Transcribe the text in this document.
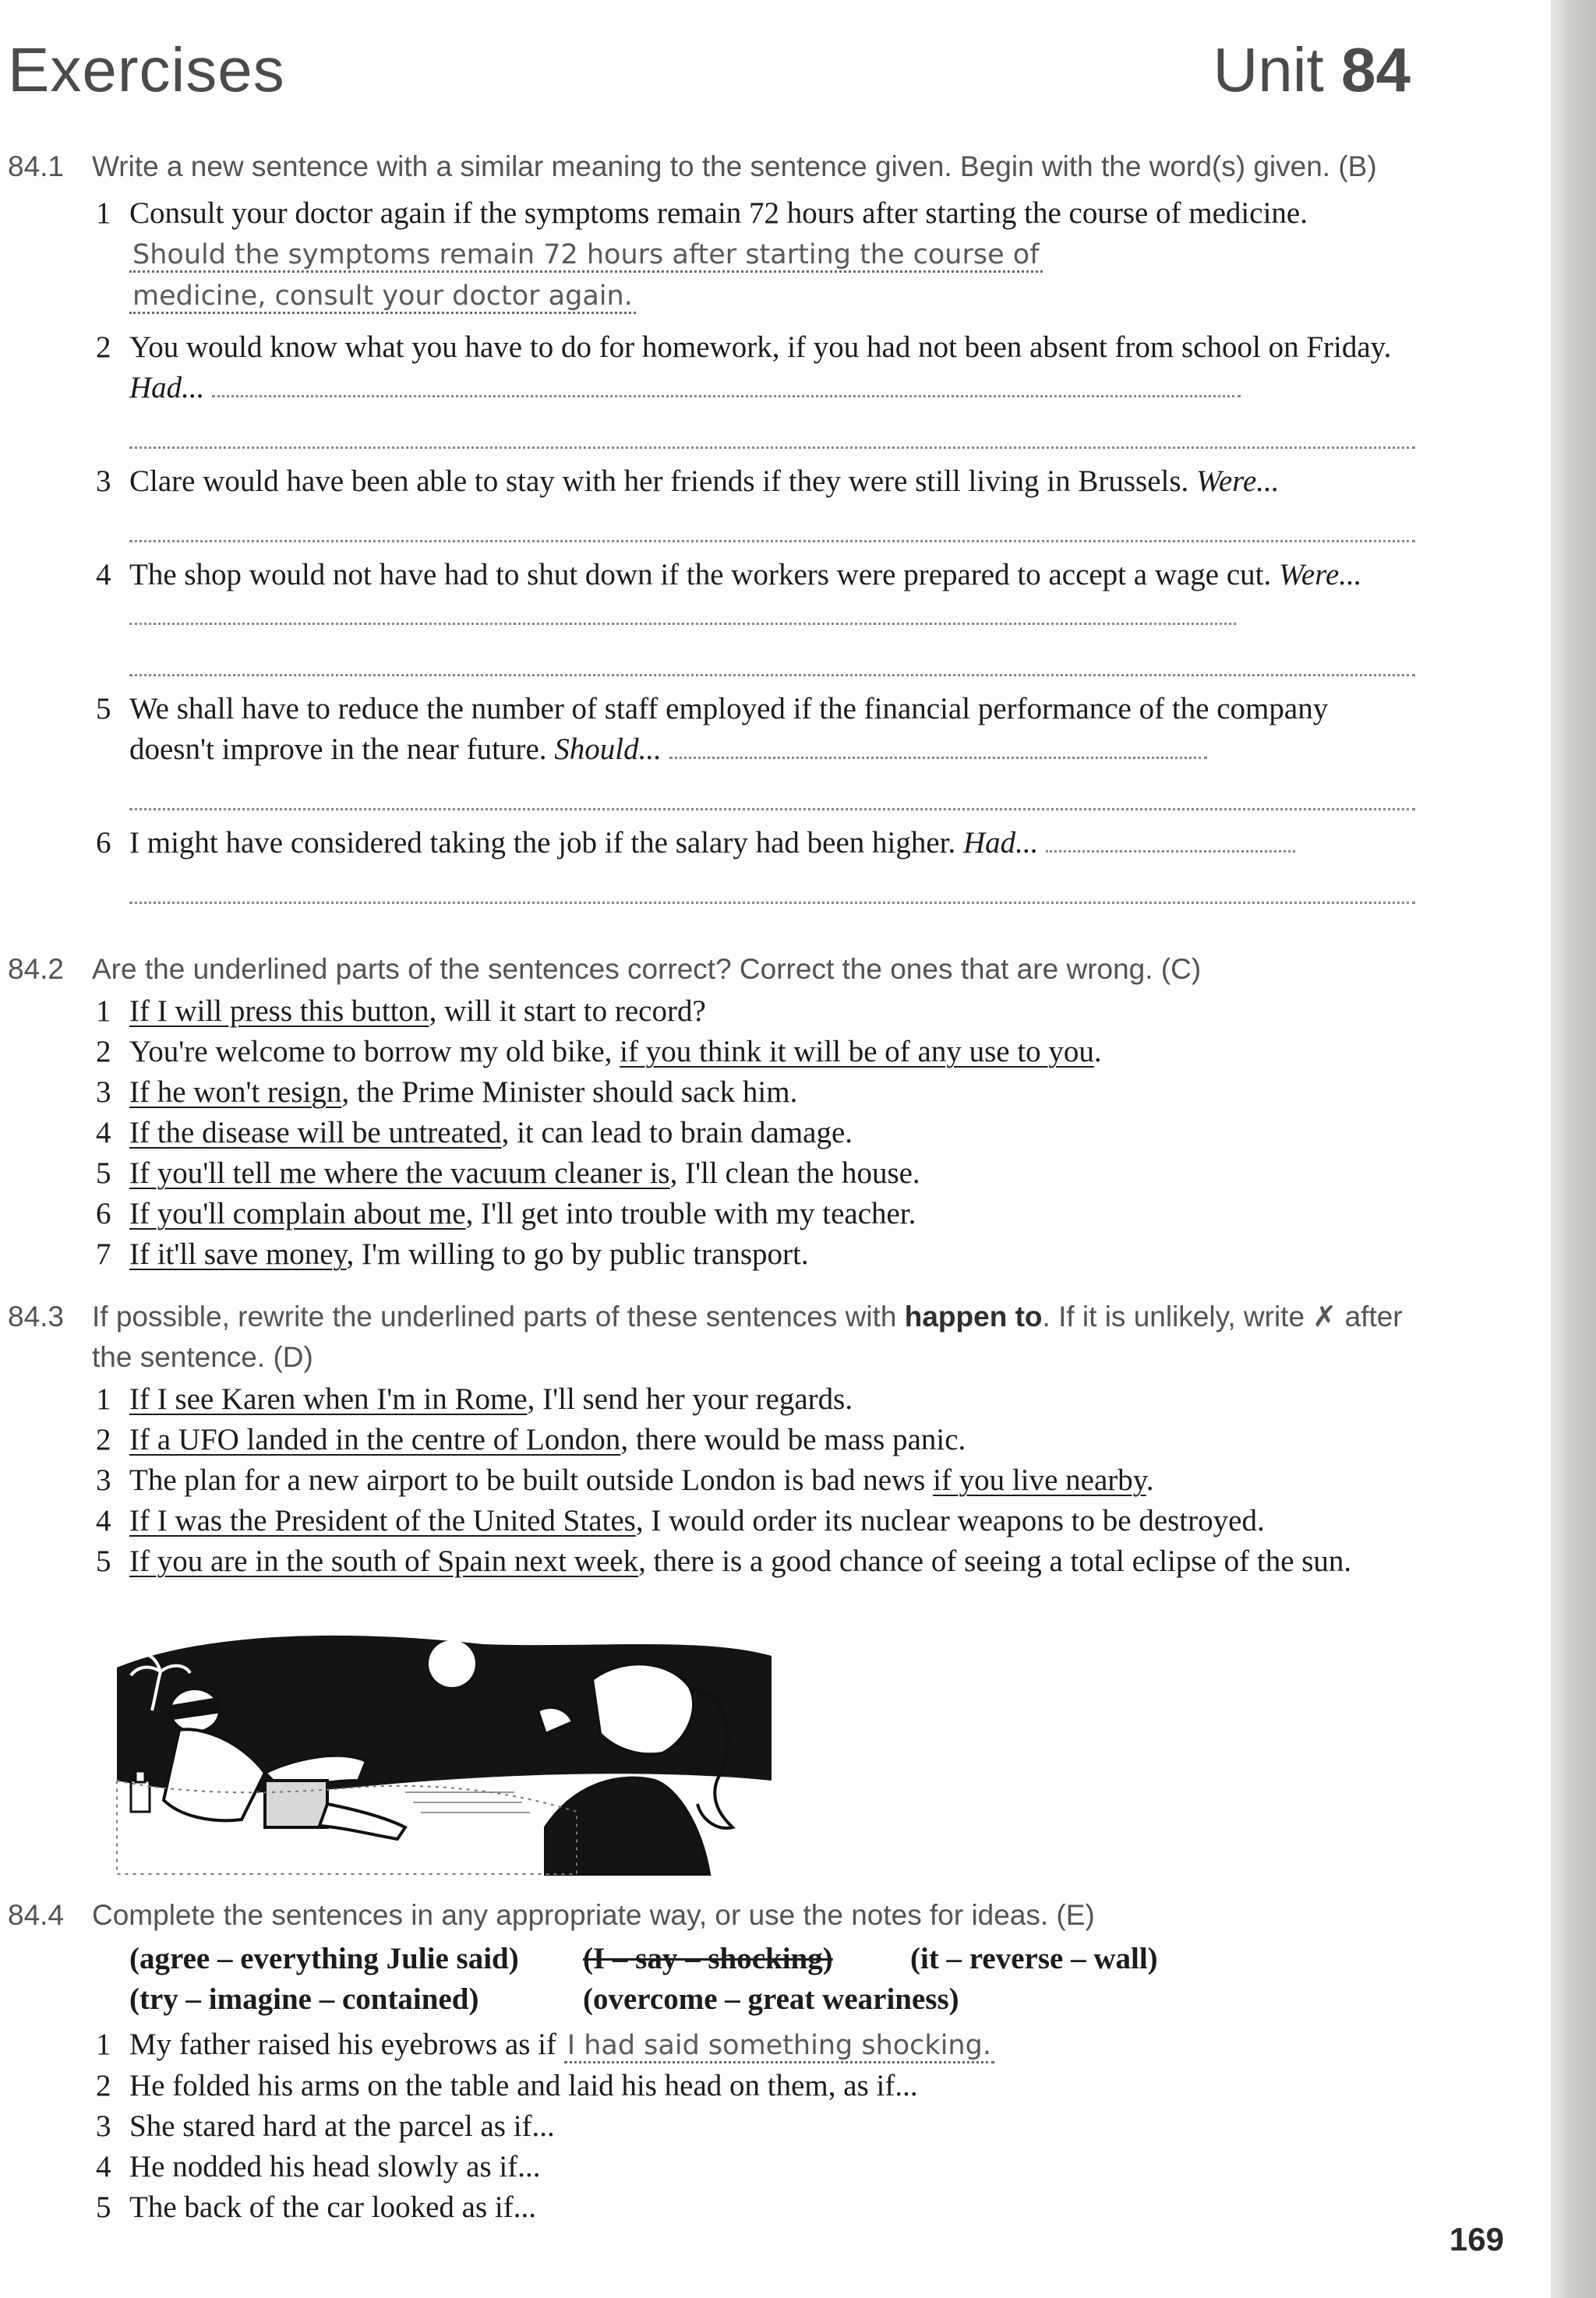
Exercises	Unit 84
84.1 Write a new sentence with a similar meaning to the sentence given. Begin with the word(s) given. (B)
1 Consult your doctor again if the symptoms remain 72 hours after starting the course of medicine. Should the symptoms remain 72 hours after starting the course of
medicine, consult your doctor again.
2 You would know what you have to do for homework, if you had not been absent from school on Friday. Had...
3 Clare would have been able to stay with her friends if they were still living in Brussels. Were...
4 The shop would not have had to shut down if the workers were prepared to accept a wage cut. Were...
5 We shall have to reduce the number of staff employed if the financial performance of the company doesn't improve in the near future. Should...
6 I might have considered taking the job if the salary had been higher. Had...
84.2 Are the underlined parts of the sentences correct? Correct the ones that are wrong. (C)
1 If I will press this button, will it start to record?
2 You're welcome to borrow my old bike, if you think it will be of any use to you.
3 If he won't resign, the Prime Minister should sack him.
4 If the disease will be untreated, it can lead to brain damage.
5 If you'll tell me where the vacuum cleaner is, I'll clean the house.
6 If you'll complain about me, I'll get into trouble with my teacher.
7 If it'll save money, I'm willing to go by public transport.
84.3 If possible, rewrite the underlined parts of these sentences with happen to. If it is unlikely, write ✗ after the sentence. (D)
1 If I see Karen when I'm in Rome, I'll send her your regards.
2 If a UFO landed in the centre of London, there would be mass panic.
3 The plan for a new airport to be built outside London is bad news if you live nearby.
4 If I was the President of the United States, I would order its nuclear weapons to be destroyed.
5 If you are in the south of Spain next week, there is a good chance of seeing a total eclipse of the sun.
84.4 Complete the sentences in any appropriate way, or use the notes for ideas. (E)
(agree – everything Julie said) (I – say – shocking)	(it – reverse – wall)
(try – imagine – contained)	(overcome – great weariness)
1 My father raised his eyebrows as if I had said something shocking.
2 He folded his arms on the table and laid his head on them, as if...
3 She stared hard at the parcel as if...
4 He nodded his head slowly as if...
5 The back of the car looked as if...
169
